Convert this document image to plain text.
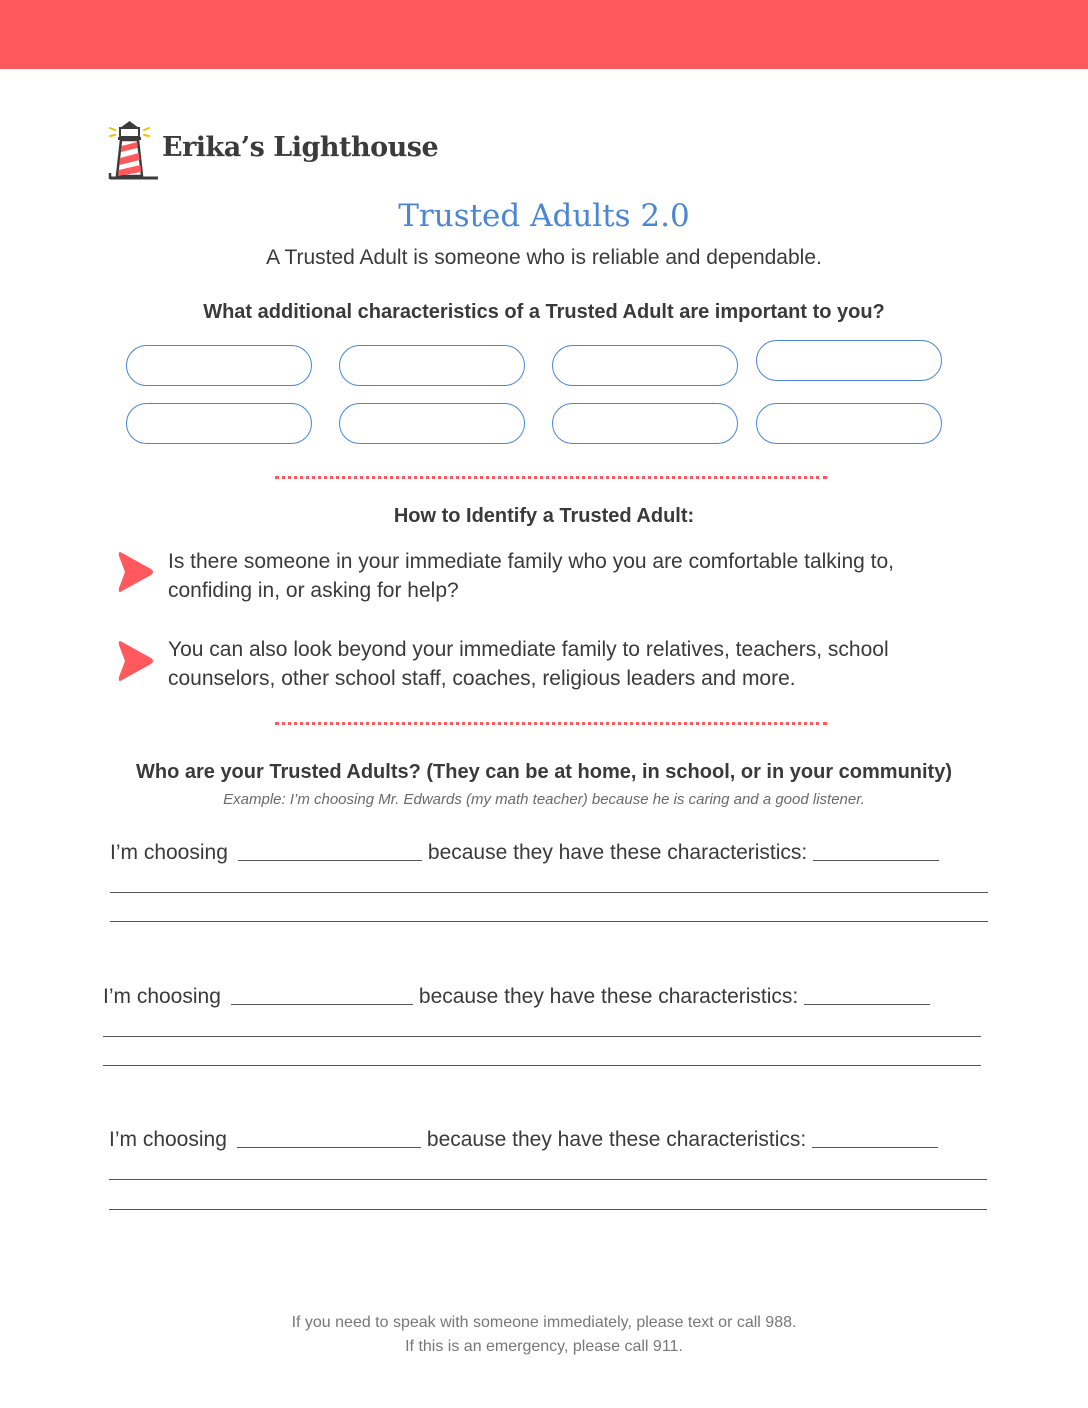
Erika’s Lighthouse
Trusted Adults 2.0
A Trusted Adult is someone who is reliable and dependable.
What additional characteristics of a Trusted Adult are important to you?
How to Identify a Trusted Adult:
Is there someone in your immediate family who you are comfortable talking to,
confiding in, or asking for help?
You can also look beyond your immediate family to relatives, teachers, school
counselors, other school staff, coaches, religious leaders and more.
Who are your Trusted Adults? (They can be at home, in school, or in your community)
Example: I’m choosing Mr. Edwards (my math teacher) because he is caring and a good listener.
I’m choosing	because they have these characteristics:
I’m choosing	because they have these characteristics:
I’m choosing	because they have these characteristics:
If you need to speak with someone immediately, please text or call 988.
If this is an emergency, please call 911.
